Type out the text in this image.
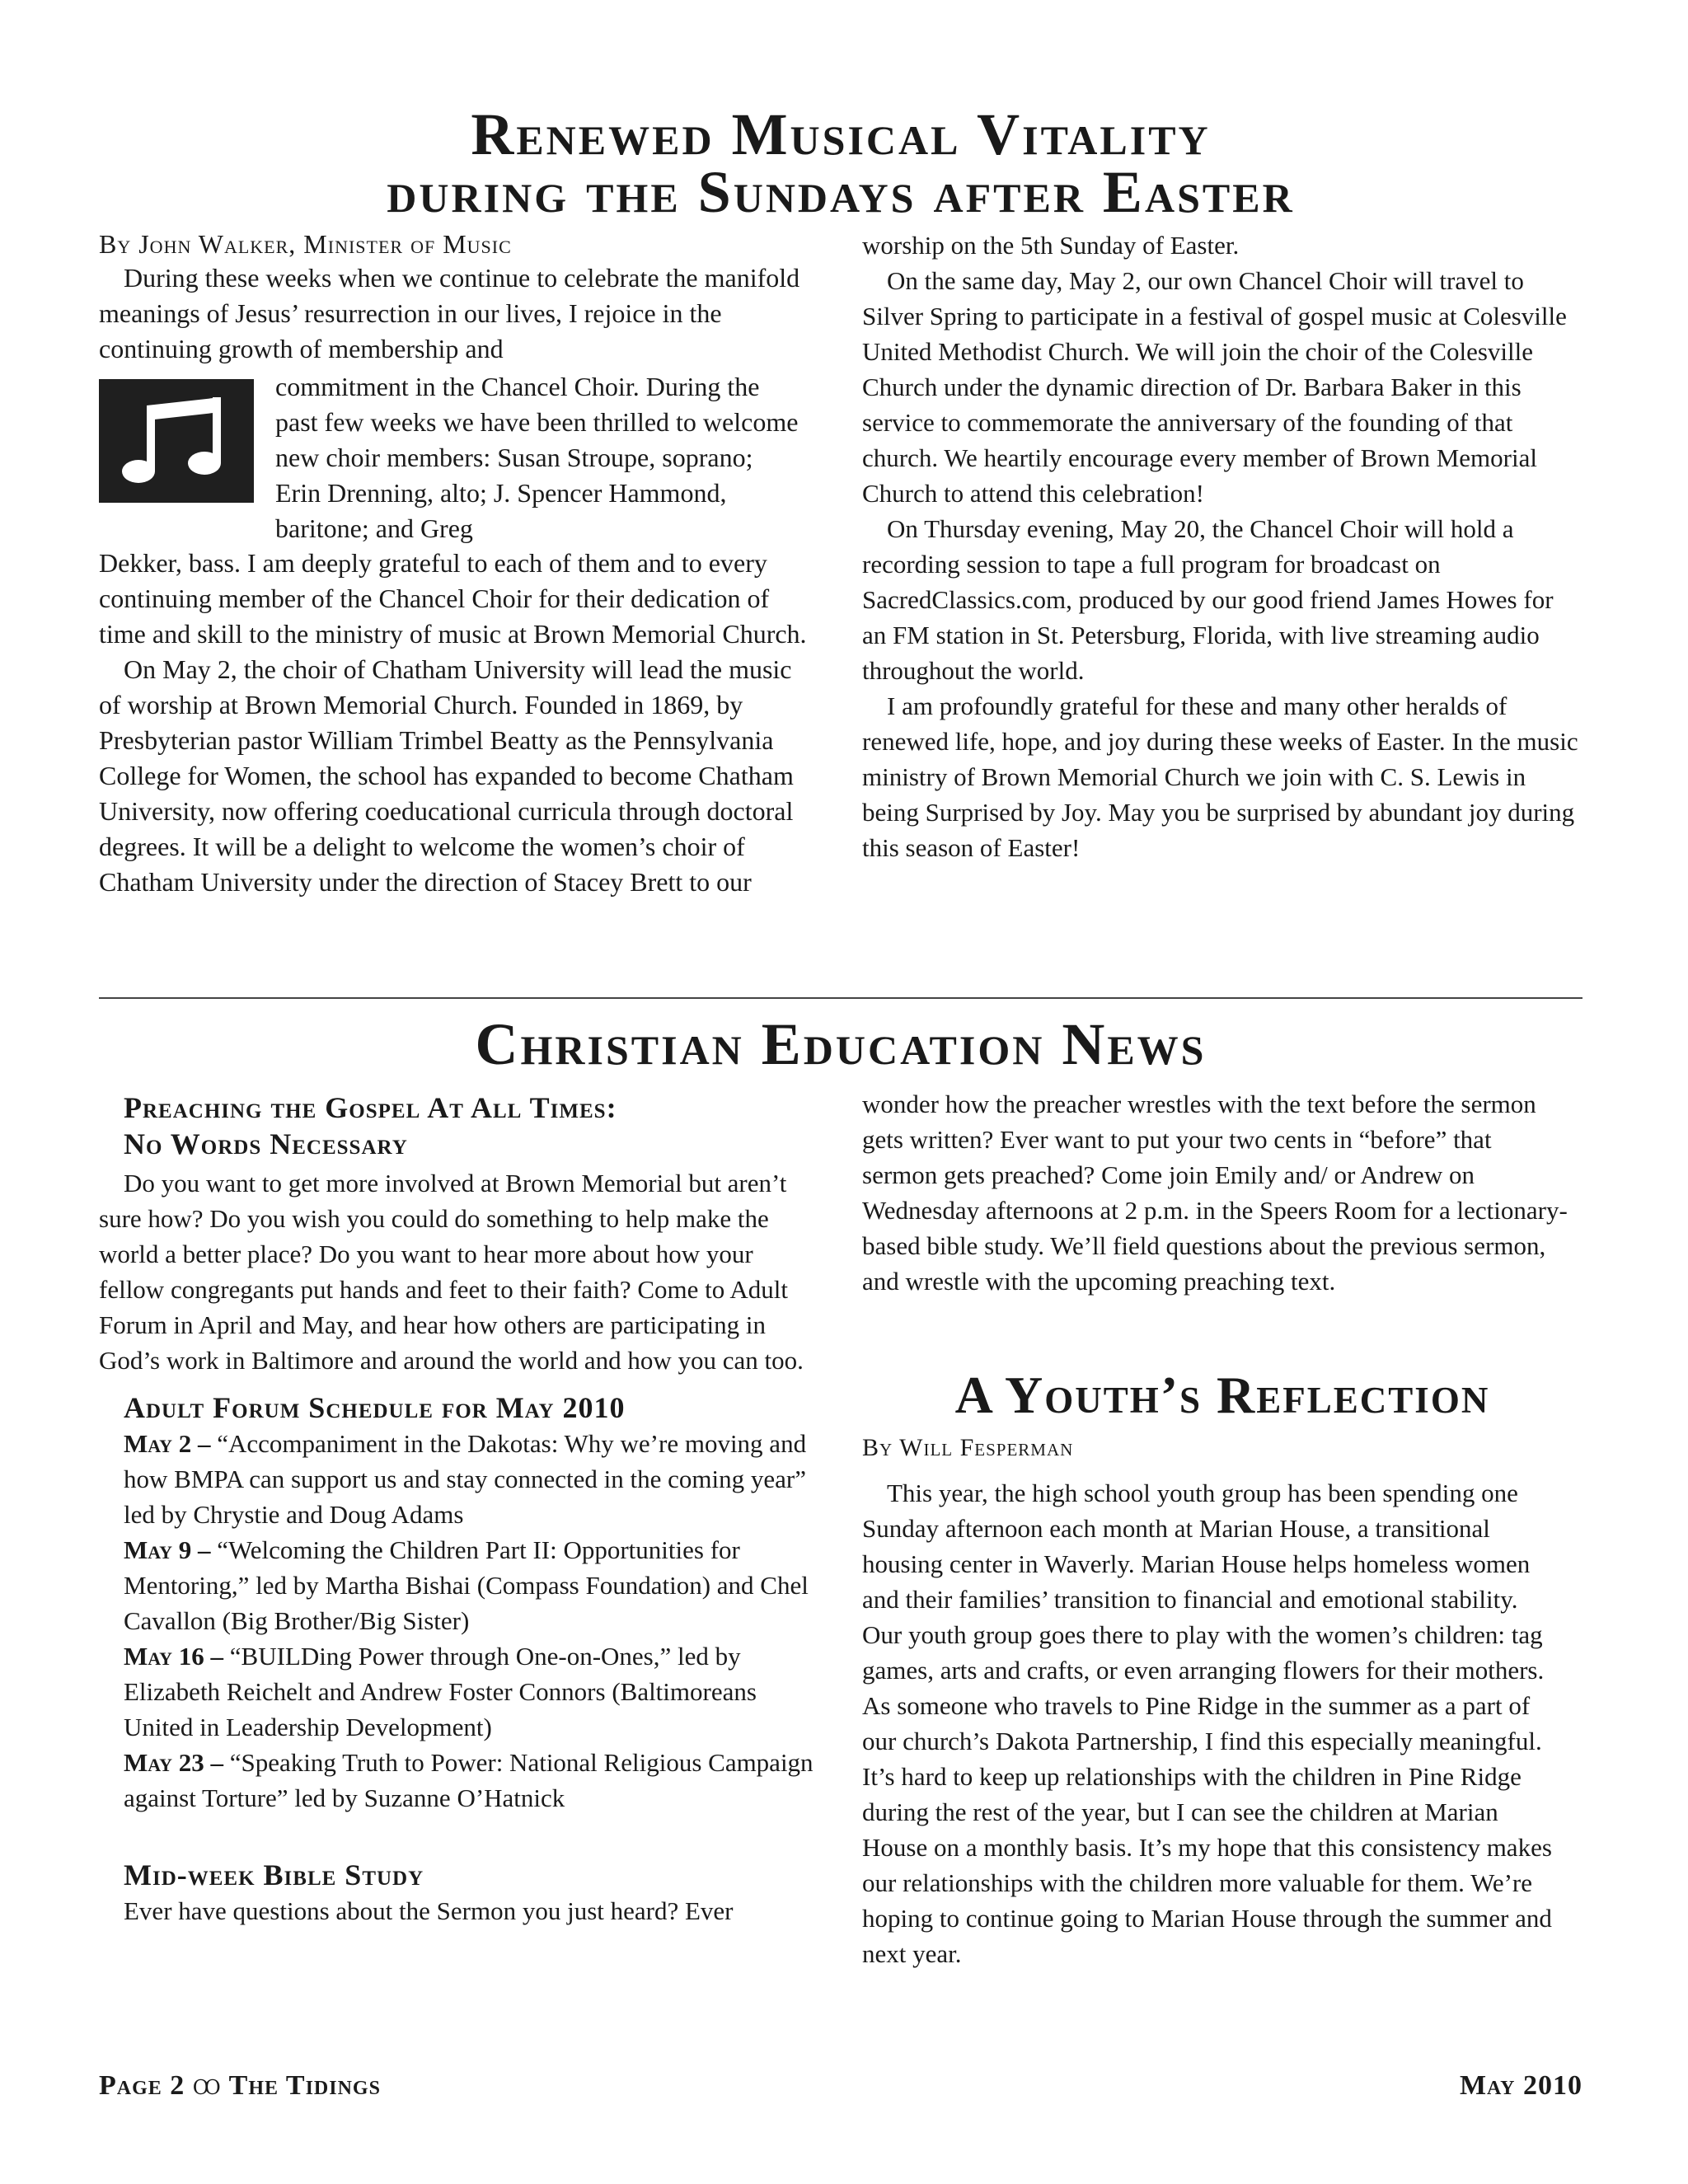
Renewed Musical Vitality
during the Sundays after Easter
By John Walker, Minister of Music

During these weeks when we continue to celebrate the manifold meanings of Jesus’ resurrection in our lives, I rejoice in the continuing growth of membership and

commitment in the Chancel Choir. During the past few weeks we have been thrilled to welcome new choir members: Susan Stroupe, soprano; Erin Drenning, alto; J. Spencer Hammond, baritone; and Greg

Dekker, bass. I am deeply grateful to each of them and to every continuing member of the Chancel Choir for their dedication of time and skill to the ministry of music at Brown Memorial Church.

On May 2, the choir of Chatham University will lead the music of worship at Brown Memorial Church. Founded in 1869, by Presbyterian pastor William Trimbel Beatty as the Pennsylvania College for Women, the school has expanded to become Chatham University, now offering coeducational curricula through doctoral degrees. It will be a delight to welcome the women’s choir of Chatham University under the direction of Stacey Brett to our

worship on the 5th Sunday of Easter.

On the same day, May 2, our own Chancel Choir will travel to Silver Spring to participate in a festival of gospel music at Colesville United Methodist Church. We will join the choir of the Colesville Church under the dynamic direction of Dr. Barbara Baker in this service to commemorate the anniversary of the founding of that church. We heartily encourage every member of Brown Memorial Church to attend this celebration!

On Thursday evening, May 20, the Chancel Choir will hold a recording session to tape a full program for broadcast on SacredClassics.com, produced by our good friend James Howes for an FM station in St. Petersburg, Florida, with live streaming audio throughout the world.

I am profoundly grateful for these and many other heralds of renewed life, hope, and joy during these weeks of Easter. In the music ministry of Brown Memorial Church we join with C. S. Lewis in being Surprised by Joy. May you be surprised by abundant joy during this season of Easter!

Christian Education News
Preaching the Gospel At All Times:
No Words Necessary

Do you want to get more involved at Brown Memorial but aren’t sure how? Do you wish you could do something to help make the world a better place? Do you want to hear more about how your fellow congregants put hands and feet to their faith? Come to Adult Forum in April and May, and hear how others are participating in God’s work in Baltimore and around the world and how you can too.

Adult Forum Schedule for May 2010

May 2 – “Accompaniment in the Dakotas: Why we’re moving and how BMPA can support us and stay connected in the coming year” led by Chrystie and Doug Adams

May 9 – “Welcoming the Children Part II: Opportunities for Mentoring,” led by Martha Bishai (Compass Foundation) and Chel Cavallon (Big Brother/Big Sister)

May 16 – “BUILDing Power through One-on-Ones,” led by Elizabeth Reichelt and Andrew Foster Connors (Baltimoreans United in Leadership Development)

May 23 – “Speaking Truth to Power: National Religious Campaign against Torture” led by Suzanne O’Hatnick

Mid-week Bible Study

Ever have questions about the Sermon you just heard? Ever

wonder how the preacher wrestles with the text before the sermon gets written? Ever want to put your two cents in “before” that sermon gets preached? Come join Emily and/ or Andrew on Wednesday afternoons at 2 p.m. in the Speers Room for a lectionary-based bible study. We’ll field questions about the previous sermon, and wrestle with the upcoming preaching text.
A Youth’s Reflection
By Will Fesperman

This year, the high school youth group has been spending one Sunday afternoon each month at Marian House, a transitional housing center in Waverly. Marian House helps homeless women and their families’ transition to financial and emotional stability. Our youth group goes there to play with the women’s children: tag games, arts and crafts, or even arranging flowers for their mothers. As someone who travels to Pine Ridge in the summer as a part of our church’s Dakota Partnership, I find this especially meaningful. It’s hard to keep up relationships with the children in Pine Ridge during the rest of the year, but I can see the children at Marian House on a monthly basis. It’s my hope that this consistency makes our relationships with the children more valuable for them. We’re hoping to continue going to Marian House through the summer and next year.

Page 2 ꝏ The Tidings	May 2010
